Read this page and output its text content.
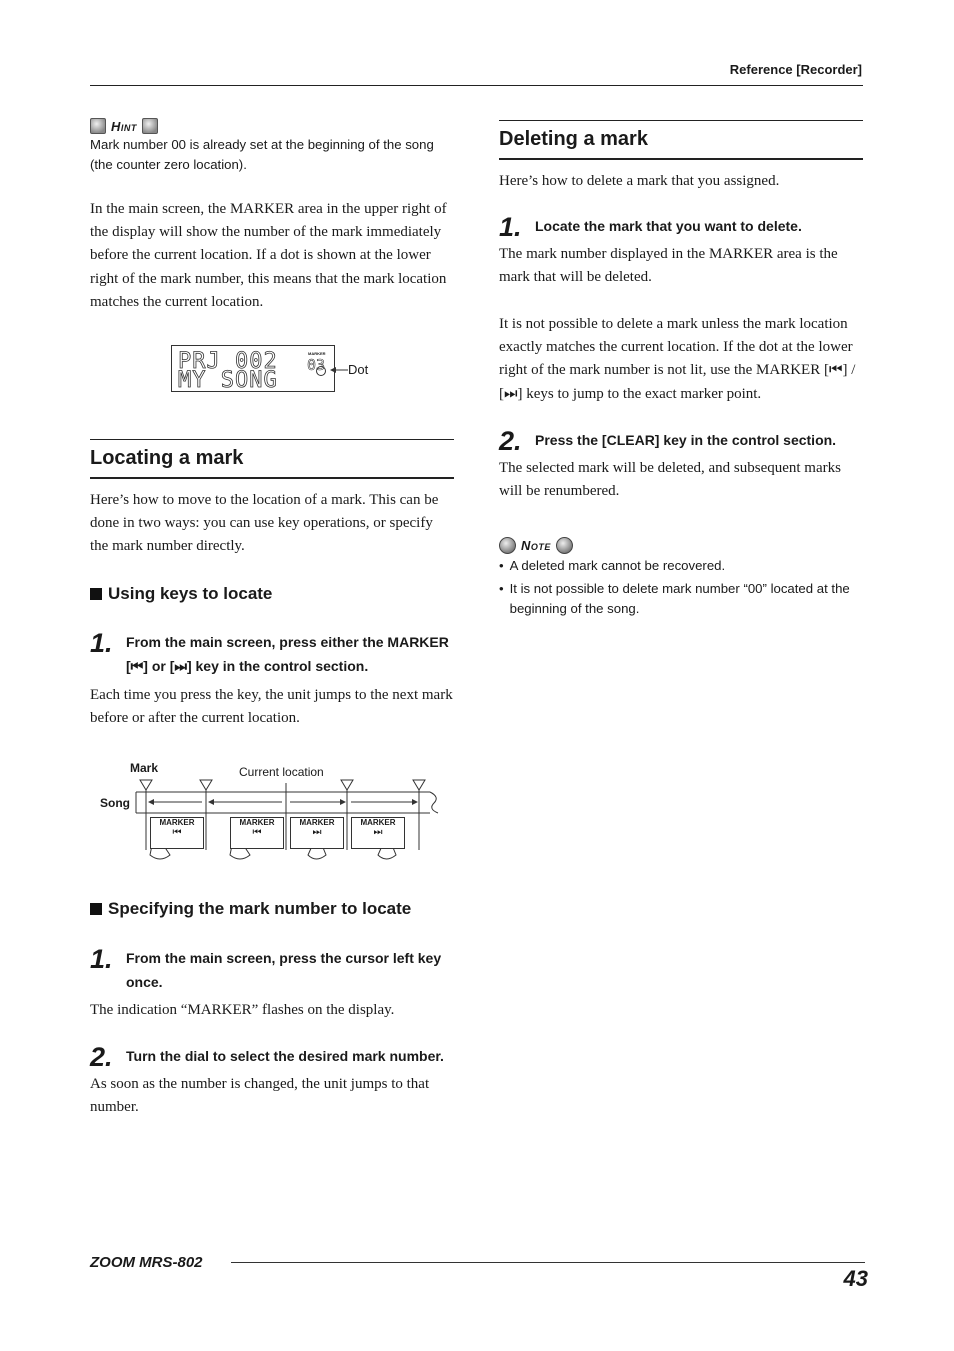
Reference [Recorder]
Hint
Mark number 00 is already set at the beginning of the song (the counter zero location).

In the main screen, the MARKER area in the upper right of the display will show the number of the mark immediately before the current location. If a dot is shown at the lower right of the mark number, this means that the mark location matches the current location.

PRJ 002
MY SONG
MARKER
03 Dot
Locating a mark

Here’s how to move to the location of a mark. This can be done in two ways: you can use key operations, or specify the mark number directly.

Using keys to locate
1. From the main screen, press either the MARKER [⏮] or [⏭] key in the control section.

Each time you press the key, the unit jumps to the next mark before or after the current location.

Mark	Current location
Song
MARKER
⏮
MARKER
⏮
MARKER
⏭
MARKER
⏭
Specifying the mark number to locate
1. From the main screen, press the cursor left key once.

The indication “MARKER” flashes on the display.

2. Turn the dial to select the desired mark number.

As soon as the number is changed, the unit jumps to that number.

Deleting a mark

Here’s how to delete a mark that you assigned.

1. Locate the mark that you want to delete.

The mark number displayed in the MARKER area is the mark that will be deleted.

It is not possible to delete a mark unless the mark location exactly matches the current location. If the dot at the lower right of the mark number is not lit, use the MARKER [⏮] / [⏭] keys to jump to the exact marker point.

2. Press the [CLEAR] key in the control section.

The selected mark will be deleted, and subsequent marks will be renumbered.

Note
• A deleted mark cannot be recovered.
• It is not possible to delete mark number “00” located at the beginning of the song.
ZOOM MRS-802
43
